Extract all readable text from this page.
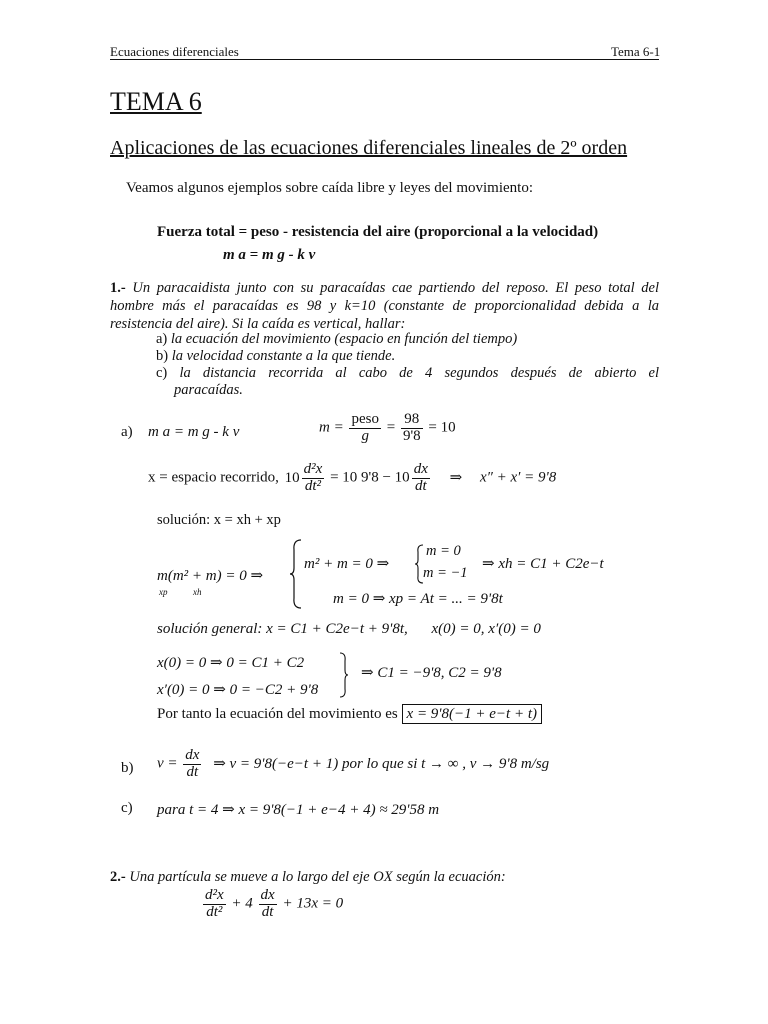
Ecuaciones diferenciales	Tema 6-1
TEMA 6
Aplicaciones de las ecuaciones diferenciales lineales de 2º orden
Veamos algunos ejemplos sobre caída libre y leyes del movimiento:
Fuerza total = peso - resistencia del aire (proporcional a la velocidad)
m a = m g - k v
1.- Un paracaidista junto con su paracaídas cae partiendo del reposo. El peso total del
hombre más el paracaídas es 98 y k=10 (constante de proporcionalidad debida a la
resistencia del aire). Si la caída es vertical, hallar:
a) la ecuación del movimiento (espacio en función del tiempo)
b) la velocidad constante a la que tiende.
c) la distancia recorrida al cabo de 4 segundos después de abierto el
paracaídas.
a) m a = m g - k v	$m = \frac{\text{peso}}{g} = \frac{98}{9'8} = 10$
x = espacio recorrido, $10 \frac{\text{d²x}}{\text{dt²}} = 10$ $9'8 - 10 \frac{dx}{dt}$ ⇒ x″ + x′ = 9'8
solución: x = xh + xp
m(m² + m) = 0 ⇒
xp	xh
m² + m = 0 ⇒
m = 0
m = −1
⇒ xh = C1 + C2e−t
m = 0 ⇒ xp = At = ... = 9'8t
solución general: x = C1 + C2e−t + 9'8t, x(0) = 0, x′(0) = 0
x(0) = 0 ⇒ 0 = C1 + C2
x′(0) = 0 ⇒ 0 = −C2 + 9'8
⇒ C1 = −9'8, C2 = 9'8
Por tanto la ecuación del movimiento es x = 9'8(−1 + e−t + t)
b) $v = \frac{dx}{dt}$ ⇒ v = 9'8(−e−t + 1) por lo que si t → ∞ , v → 9'8 m/sg
c) para t = 4 ⇒ x = 9'8(−1 + e−4 + 4) ≈ 29'58 m
2.- Una partícula se mueve a lo largo del eje OX según la ecuación:
$\frac{\text{d²x}}{\text{dt²}} + 4 \frac{dx}{dt} + 13x = 0$
